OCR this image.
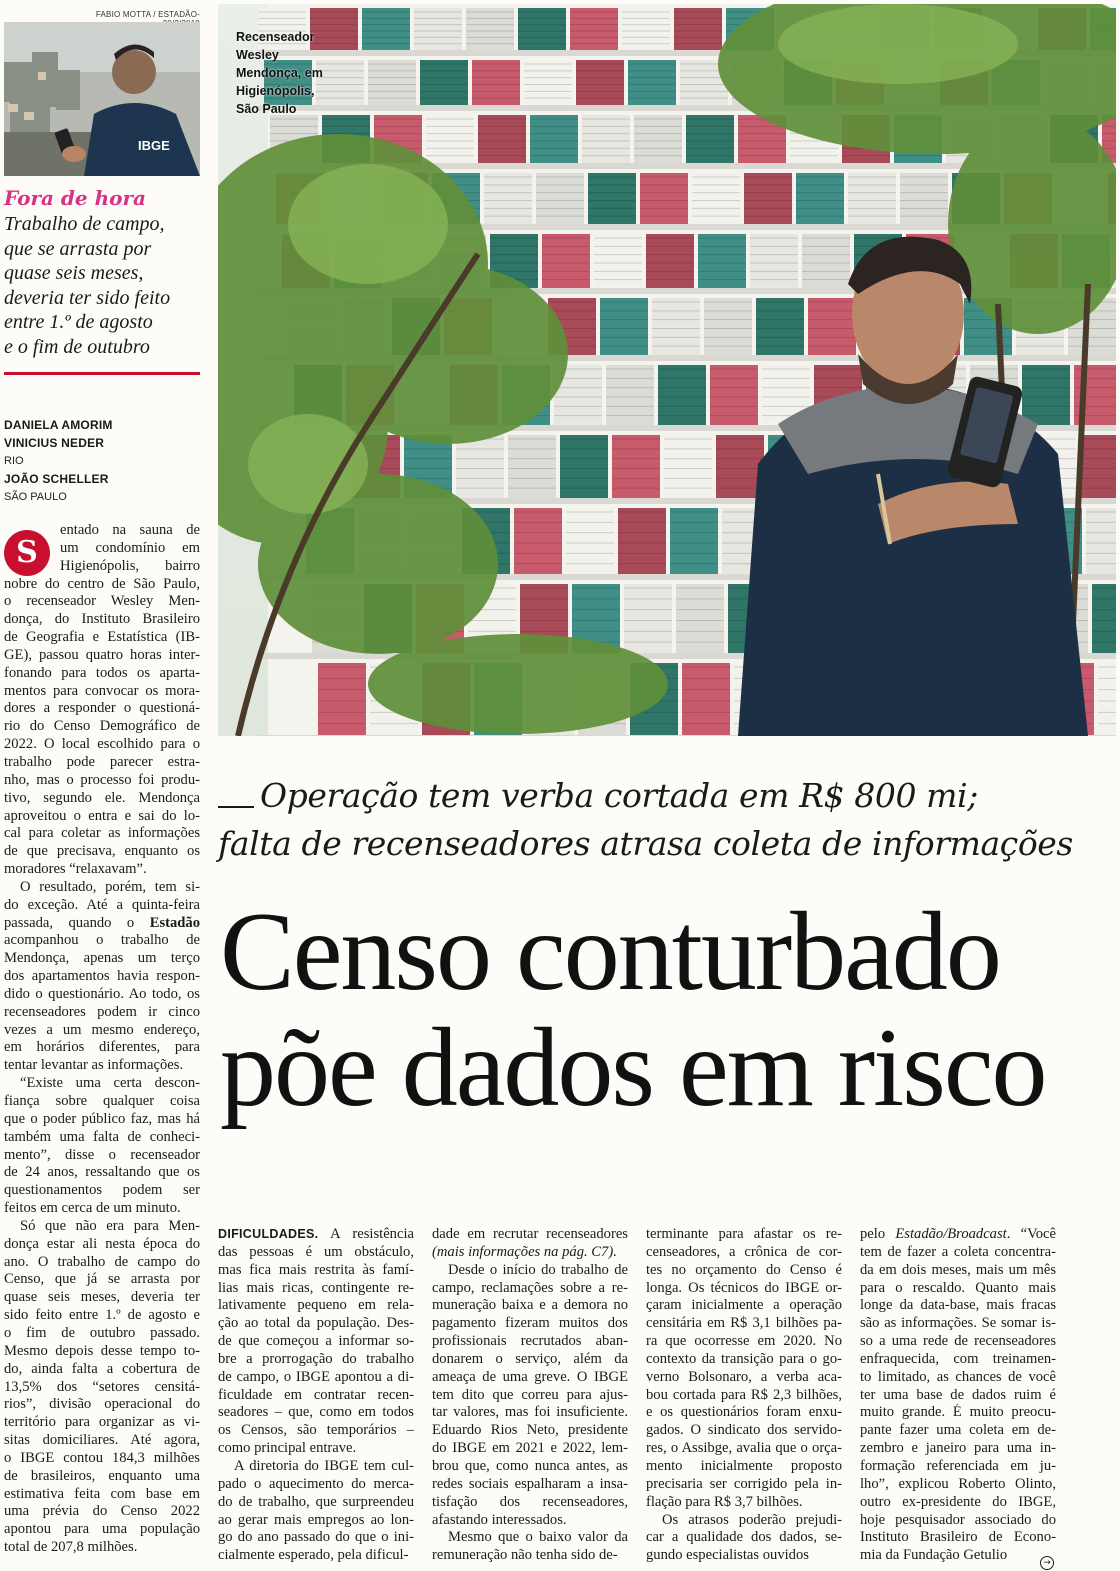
FABIO MOTTA / ESTADÃO-
IBGE
Fora de hora
Trabalho de campo,
que se arrasta por
quase seis meses,
deveria ter sido feito
entre 1.º de agosto
e o fim de outubro
DANIELA AMORIM
VINICIUS NEDER
RIO
JOÃO SCHELLER
SÃO PAULO
S
entado na sauna de
um condomínio em
Higienópolis, bairro
nobre do centro de São Paulo,
o recenseador Wesley Men-
donça, do Instituto Brasileiro
de Geografia e Estatística (IB-
GE), passou quatro horas inter-
fonando para todos os aparta-
mentos para convocar os mora-
dores a responder o questioná-
rio do Censo Demográfico de
2022. O local escolhido para o
trabalho pode parecer estra-
nho, mas o processo foi produ-
tivo, segundo ele. Mendonça
aproveitou o entra e sai do lo-
cal para coletar as informações
de que precisava, enquanto os
moradores “relaxavam”.
O resultado, porém, tem si-
do exceção. Até a quinta-feira
passada, quando o Estadão
acompanhou o trabalho de
Mendonça, apenas um terço
dos apartamentos havia respon-
dido o questionário. Ao todo, os
recenseadores podem ir cinco
vezes a um mesmo endereço,
em horários diferentes, para
tentar levantar as informações.
“Existe uma certa descon-
fiança sobre qualquer coisa
que o poder público faz, mas há
também uma falta de conheci-
mento”, disse o recenseador
de 24 anos, ressaltando que os
questionamentos podem ser
feitos em cerca de um minuto.
Só que não era para Men-
donça estar ali nesta época do
ano. O trabalho de campo do
Censo, que já se arrasta por
quase seis meses, deveria ter
sido feito entre 1.º de agosto e
o fim de outubro passado.
Mesmo depois desse tempo to-
do, ainda falta a cobertura de
13,5% dos “setores censitá-
rios”, divisão operacional do
território para organizar as vi-
sitas domiciliares. Até agora,
o IBGE contou 184,3 milhões
de brasileiros, enquanto uma
estimativa feita com base em
uma prévia do Censo 2022
apontou para uma população
total de 207,8 milhões.
Recenseador
Wesley
Mendonça, em
Higienópolis,
São Paulo
Operação tem verba cortada em R$ 800 mi;
falta de recenseadores atrasa coleta de informações
Censo conturbado
põe dados em risco
DIFICULDADES. A resistência
das pessoas é um obstáculo,
mas fica mais restrita às famí-
lias mais ricas, contingente re-
lativamente pequeno em rela-
ção ao total da população. Des-
de que começou a informar so-
bre a prorrogação do trabalho
de campo, o IBGE apontou a di-
ficuldade em contratar recen-
seadores – que, como em todos
os Censos, são temporários –
como principal entrave.
A diretoria do IBGE tem cul-
pado o aquecimento do merca-
do de trabalho, que surpreendeu
ao gerar mais empregos ao lon-
go do ano passado do que o ini-
cialmente esperado, pela dificul-
dade em recrutar recenseadores
(mais informações na pág. C7).
Desde o início do trabalho de
campo, reclamações sobre a re-
muneração baixa e a demora no
pagamento fizeram muitos dos
profissionais recrutados aban-
donarem o serviço, além da
ameaça de uma greve. O IBGE
tem dito que correu para ajus-
tar valores, mas foi insuficiente.
Eduardo Rios Neto, presidente
do IBGE em 2021 e 2022, lem-
brou que, como nunca antes, as
redes sociais espalharam a insa-
tisfação dos recenseadores,
afastando interessados.
Mesmo que o baixo valor da
remuneração não tenha sido de-
terminante para afastar os re-
censeadores, a crônica de cor-
tes no orçamento do Censo é
longa. Os técnicos do IBGE or-
çaram inicialmente a operação
censitária em R$ 3,1 bilhões pa-
ra que ocorresse em 2020. No
contexto da transição para o go-
verno Bolsonaro, a verba aca-
bou cortada para R$ 2,3 bilhões,
e os questionários foram enxu-
gados. O sindicato dos servido-
res, o Assibge, avalia que o orça-
mento inicialmente proposto
precisaria ser corrigido pela in-
flação para R$ 3,7 bilhões.
Os atrasos poderão prejudi-
car a qualidade dos dados, se-
gundo especialistas ouvidos
pelo Estadão/Broadcast. “Você
tem de fazer a coleta concentra-
da em dois meses, mais um mês
para o rescaldo. Quanto mais
longe da data-base, mais fracas
são as informações. Se somar is-
so a uma rede de recenseadores
enfraquecida, com treinamen-
to limitado, as chances de você
ter uma base de dados ruim é
muito grande. É muito preocu-
pante fazer uma coleta em de-
zembro e janeiro para uma in-
formação referenciada em ju-
lho”, explicou Roberto Olinto,
outro ex-presidente do IBGE,
hoje pesquisador associado do
Instituto Brasileiro de Econo-
mia da Fundação Getulio	→
